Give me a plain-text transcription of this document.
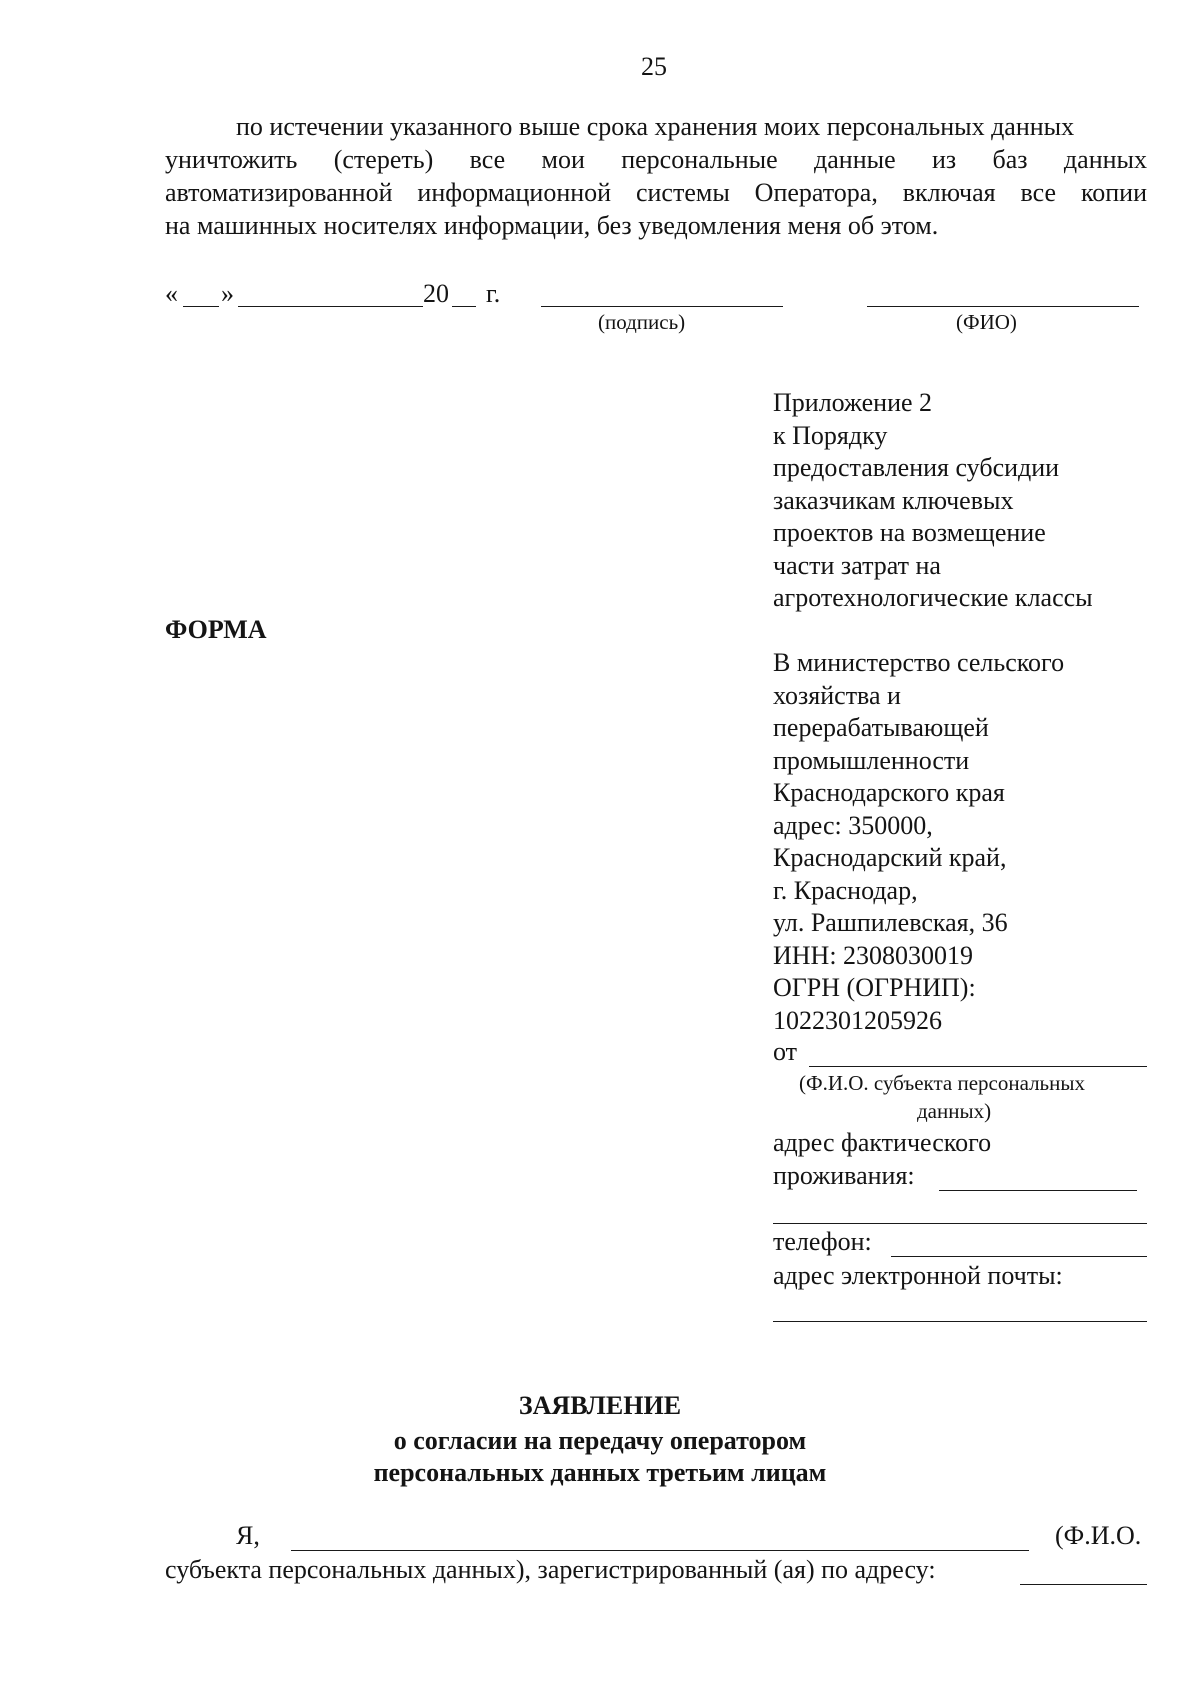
25
по истечении указанного выше срока хранения моих персональных данных
уничтожить (стереть) все мои персональные данные из баз данных
автоматизированной информационной системы Оператора, включая все копии
на машинных носителях информации, без уведомления меня об этом.
« »	20 г.
(подпись)	(ФИО)
Приложение 2
к Порядку
предоставления субсидии
заказчикам ключевых
проектов на возмещение
части затрат на
агротехнологические классы
ФОРМА
В министерство сельского
хозяйства и
перерабатывающей
промышленности
Краснодарского края
адрес: 350000,
Краснодарский край,
г. Краснодар,
ул. Рашпилевская, 36
ИНН: 2308030019
ОГРН (ОГРНИП):
1022301205926
от
(Ф.И.О. субъекта персональных
данных)
адрес фактического
проживания:
телефон:
адрес электронной почты:
ЗАЯВЛЕНИЕ
о согласии на передачу оператором
персональных данных третьим лицам
Я,	(Ф.И.О.
субъекта персональных данных), зарегистрированный (ая) по адресу:
